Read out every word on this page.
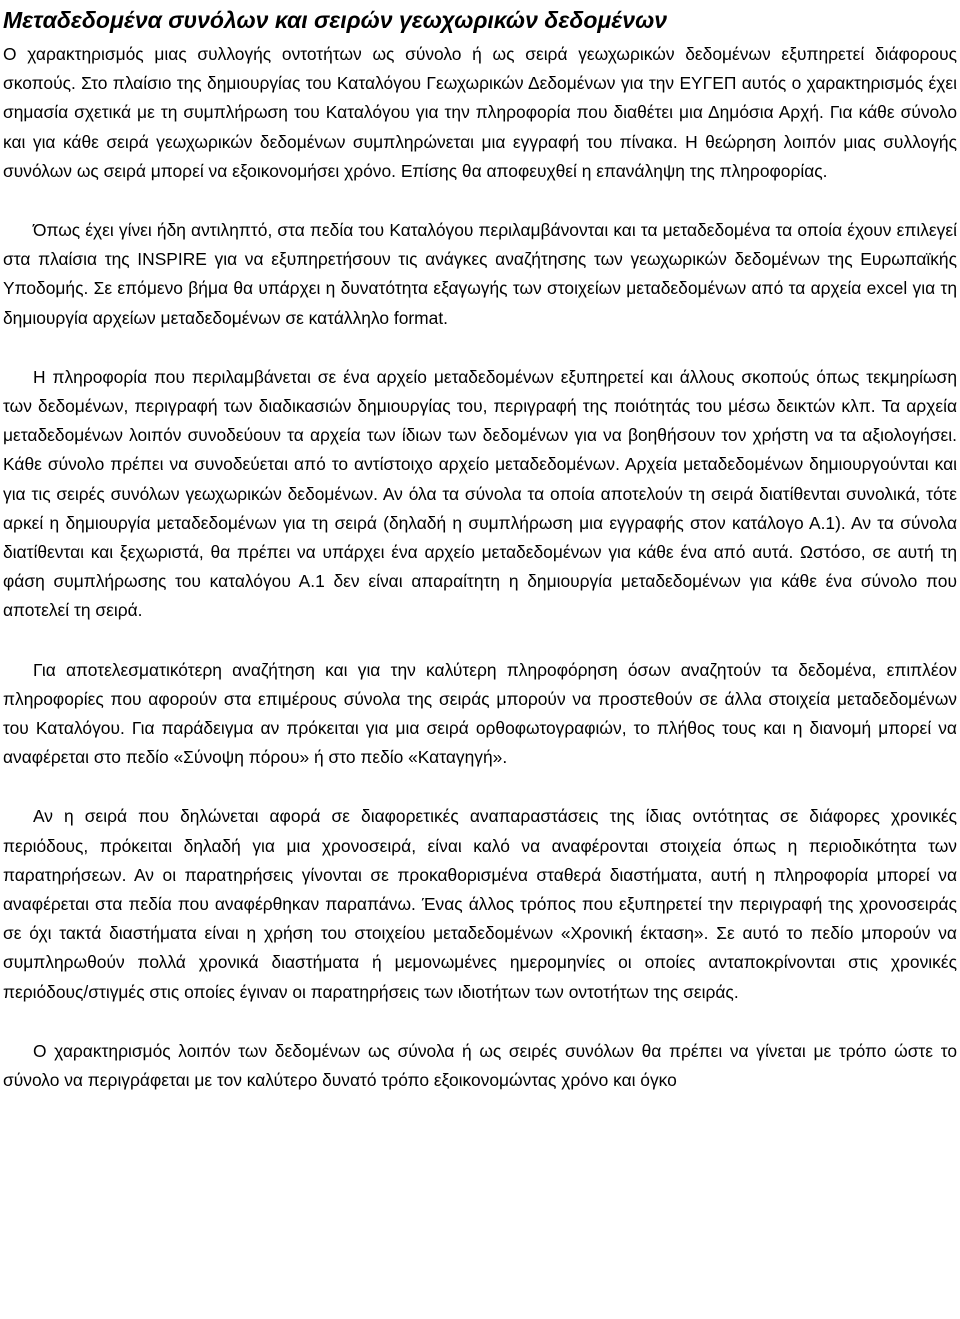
Μεταδεδομένα συνόλων και σειρών γεωχωρικών δεδομένων

Ο χαρακτηρισμός μιας συλλογής οντοτήτων ως σύνολο ή ως σειρά γεωχωρικών δεδομένων εξυπηρετεί διάφορους σκοπούς. Στο πλαίσιο της δημιουργίας του Καταλόγου Γεωχωρικών Δεδομένων για την ΕΥΓΕΠ αυτός ο χαρακτηρισμός έχει σημασία σχετικά με τη συμπλήρωση του Καταλόγου για την πληροφορία που διαθέτει μια Δημόσια Αρχή. Για κάθε σύνολο και για κάθε σειρά γεωχωρικών δεδομένων συμπληρώνεται μια εγγραφή του πίνακα. Η θεώρηση λοιπόν μιας συλλογής συνόλων ως σειρά μπορεί να εξοικονομήσει χρόνο. Επίσης θα αποφευχθεί η επανάληψη της πληροφορίας.

Όπως έχει γίνει ήδη αντιληπτό, στα πεδία του Καταλόγου περιλαμβάνονται και τα μεταδεδομένα τα οποία έχουν επιλεγεί στα πλαίσια της INSPIRE για να εξυπηρετήσουν τις ανάγκες αναζήτησης των γεωχωρικών δεδομένων της Ευρωπαϊκής Υποδομής. Σε επόμενο βήμα θα υπάρχει η δυνατότητα εξαγωγής των στοιχείων μεταδεδομένων από τα αρχεία excel για τη δημιουργία αρχείων μεταδεδομένων σε κατάλληλο format.

Η πληροφορία που περιλαμβάνεται σε ένα αρχείο μεταδεδομένων εξυπηρετεί και άλλους σκοπούς όπως τεκμηρίωση των δεδομένων, περιγραφή των διαδικασιών δημιουργίας του, περιγραφή της ποιότητάς του μέσω δεικτών κλπ. Τα αρχεία μεταδεδομένων λοιπόν συνοδεύουν τα αρχεία των ίδιων των δεδομένων για να βοηθήσουν τον χρήστη να τα αξιολογήσει. Κάθε σύνολο πρέπει να συνοδεύεται από το αντίστοιχο αρχείο μεταδεδομένων. Αρχεία μεταδεδομένων δημιουργούνται και για τις σειρές συνόλων γεωχωρικών δεδομένων. Αν όλα τα σύνολα τα οποία αποτελούν τη σειρά διατίθενται συνολικά, τότε αρκεί η δημιουργία μεταδεδομένων για τη σειρά (δηλαδή η συμπλήρωση μια εγγραφής στον κατάλογο Α.1). Αν τα σύνολα διατίθενται και ξεχωριστά, θα πρέπει να υπάρχει ένα αρχείο μεταδεδομένων για κάθε ένα από αυτά. Ωστόσο, σε αυτή τη φάση συμπλήρωσης του καταλόγου Α.1 δεν είναι απαραίτητη η δημιουργία μεταδεδομένων για κάθε ένα σύνολο που αποτελεί τη σειρά.

Για αποτελεσματικότερη αναζήτηση και για την καλύτερη πληροφόρηση όσων αναζητούν τα δεδομένα, επιπλέον πληροφορίες που αφορούν στα επιμέρους σύνολα της σειράς μπορούν να προστεθούν σε άλλα στοιχεία μεταδεδομένων του Καταλόγου. Για παράδειγμα αν πρόκειται για μια σειρά ορθοφωτογραφιών, το πλήθος τους και η διανομή μπορεί να αναφέρεται στο πεδίο «Σύνοψη πόρου» ή στο πεδίο «Καταγηγή».

Αν η σειρά που δηλώνεται αφορά σε διαφορετικές αναπαραστάσεις της ίδιας οντότητας σε διάφορες χρονικές περιόδους, πρόκειται δηλαδή για μια χρονοσειρά, είναι καλό να αναφέρονται στοιχεία όπως η περιοδικότητα των παρατηρήσεων. Αν οι παρατηρήσεις γίνονται σε προκαθορισμένα σταθερά διαστήματα, αυτή η πληροφορία μπορεί να αναφέρεται στα πεδία που αναφέρθηκαν παραπάνω. Ένας άλλος τρόπος που εξυπηρετεί την περιγραφή της χρονοσειράς σε όχι τακτά διαστήματα είναι η χρήση του στοιχείου μεταδεδομένων «Χρονική έκταση». Σε αυτό το πεδίο μπορούν να συμπληρωθούν πολλά χρονικά διαστήματα ή μεμονωμένες ημερομηνίες οι οποίες ανταποκρίνονται στις χρονικές περιόδους/στιγμές στις οποίες έγιναν οι παρατηρήσεις των ιδιοτήτων των οντοτήτων της σειράς.

Ο χαρακτηρισμός λοιπόν των δεδομένων ως σύνολα ή ως σειρές συνόλων θα πρέπει να γίνεται με τρόπο ώστε το σύνολο να περιγράφεται με τον καλύτερο δυνατό τρόπο εξοικονομώντας χρόνο και όγκο
